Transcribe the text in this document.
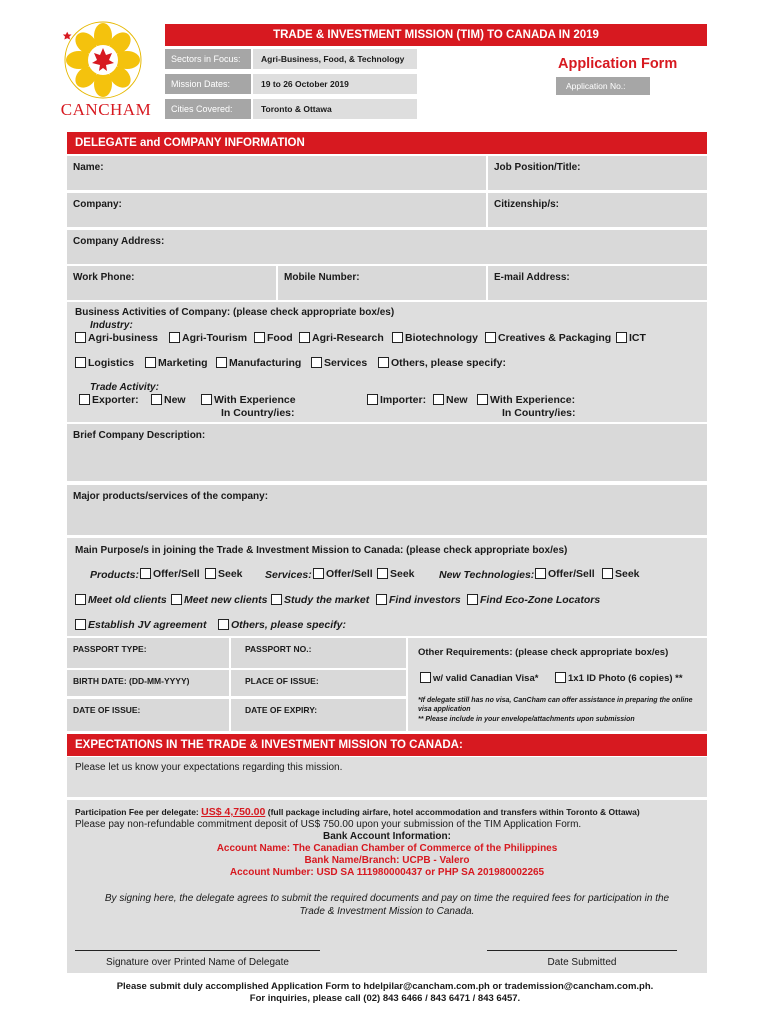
CANCHAM
TRADE & INVESTMENT MISSION (TIM) TO CANADA IN 2019
Sectors in Focus: Agri-Business, Food, & Technology
Mission Dates:	19 to 26 October 2019
Cities Covered:	Toronto & Ottawa
Application Form
Application No.:
DELEGATE and COMPANY INFORMATION
Name:	Job Position/Title:
Company:	Citizenship/s:
Company Address:
Work Phone:	Mobile Number:	E-mail Address:
Business Activities of Company: (please check appropriate box/es)
Industry:
Agri-business	Agri-Tourism	Food	Agri-Research	Biotechnology	Creatives & Packaging	ICT
Logistics	Marketing	Manufacturing	Services	Others, please specify:
Trade Activity:
Exporter:	New	With Experience
In Country/ies:
Importer:	New	With Experience:
In Country/ies:
Brief Company Description:
Major products/services of the company:
Main Purpose/s in joining the Trade & Investment Mission to Canada: (please check appropriate box/es)
Products:	Offer/Sell	Seek Services:	Offer/Sell	Seek New Technologies:	Offer/Sell	Seek
Meet old clients	Meet new clients	Study the market	Find investors	Find Eco-Zone Locators
Establish JV agreement	Others, please specify:
PASSPORT TYPE:	PASSPORT NO.:
BIRTH DATE: (DD-MM-YYYY)	PLACE OF ISSUE:
DATE OF ISSUE:	DATE OF EXPIRY:
Other Requirements: (please check appropriate box/es)
w/ valid Canadian Visa*	1x1 ID Photo (6 copies) **
*If delegate still has no visa, CanCham can offer assistance in preparing the online visa application
** Please include in your envelope/attachments upon submission
EXPECTATIONS IN THE TRADE & INVESTMENT MISSION TO CANADA:
Please let us know your expectations regarding this mission.
Participation Fee per delegate: US$ 4,750.00 (full package including airfare, hotel accommodation and transfers within Toronto & Ottawa)
Please pay non-refundable commitment deposit of US$ 750.00 upon your submission of the TIM Application Form.
Bank Account Information:
Account Name: The Canadian Chamber of Commerce of the Philippines
Bank Name/Branch: UCPB - Valero
Account Number: USD SA 111980000437 or PHP SA 201980002265
By signing here, the delegate agrees to submit the required documents and pay on time the required fees for participation in the Trade & Investment Mission to Canada.
Signature over Printed Name of Delegate	Date Submitted
Please submit duly accomplished Application Form to hdelpilar@cancham.com.ph or trademission@cancham.com.ph.
For inquiries, please call (02) 843 6466 / 843 6471 / 843 6457.
